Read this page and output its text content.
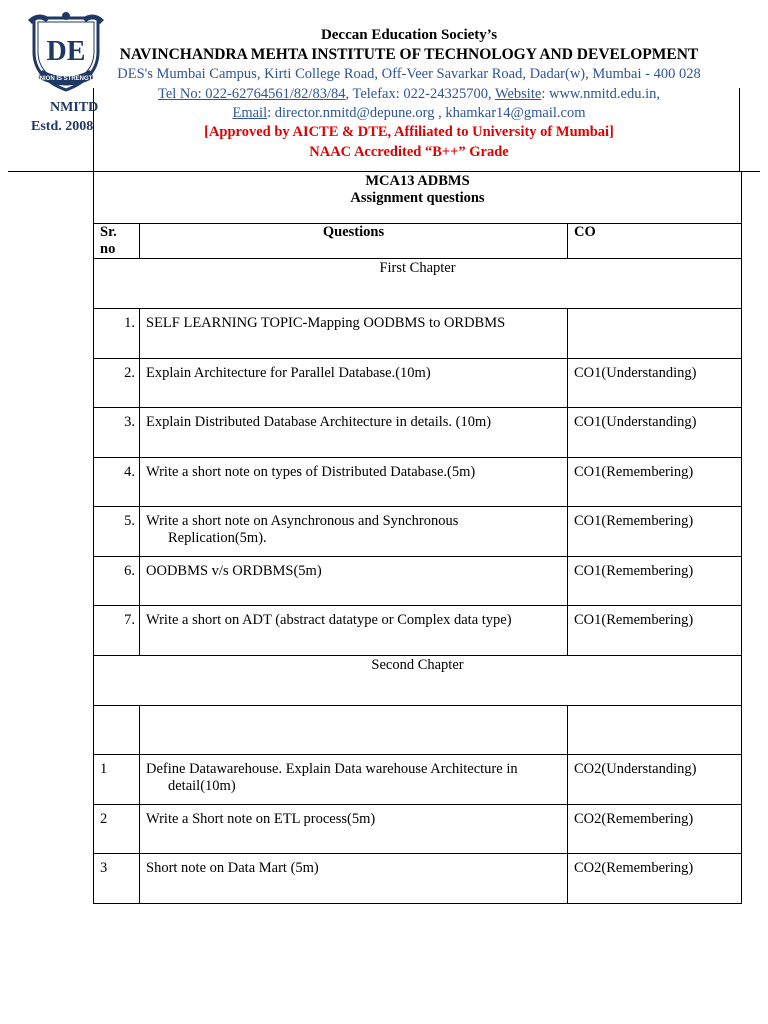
DE
UNION IS STRENGTH
Deccan Education Society’s
NAVINCHANDRA MEHTA INSTITUTE OF TECHNOLOGY AND DEVELOPMENT
DES's Mumbai Campus, Kirti College Road, Off-Veer Savarkar Road, Dadar(w), Mumbai - 400 028
Tel No: 022-62764561/82/83/84, Telefax: 022-24325700, Website: www.nmitd.edu.in,
Email: director.nmitd@depune.org , khamkar14@gmail.com
[Approved by AICTE & DTE, Affiliated to University of Mumbai]
NAAC Accredited “B++” Grade
NMITD
Estd. 2008
MCA13 ADBMS
Assignment questions		

Sr.
no	Questions	CO
First Chapter		
1.	SELF LEARNING TOPIC-Mapping OODBMS to ORDBMS	
2.	Explain Architecture for Parallel Database.(10m)	CO1(Understanding)
3.	Explain Distributed Database Architecture in details. (10m)	CO1(Understanding)
4.	Write a short note on types of Distributed Database.(5m)	CO1(Remembering)
5.	Write a short note on Asynchronous and Synchronous
Replication(5m).	CO1(Remembering)
6.	OODBMS v/s ORDBMS(5m)	CO1(Remembering)
7.	Write a short on ADT (abstract datatype or Complex data type)	CO1(Remembering)
Second Chapter		

1	Define Datawarehouse. Explain Data warehouse Architecture in
detail(10m)	CO2(Understanding)
2	Write a Short note on ETL process(5m)	CO2(Remembering)
3	Short note on Data Mart (5m)	CO2(Remembering)
